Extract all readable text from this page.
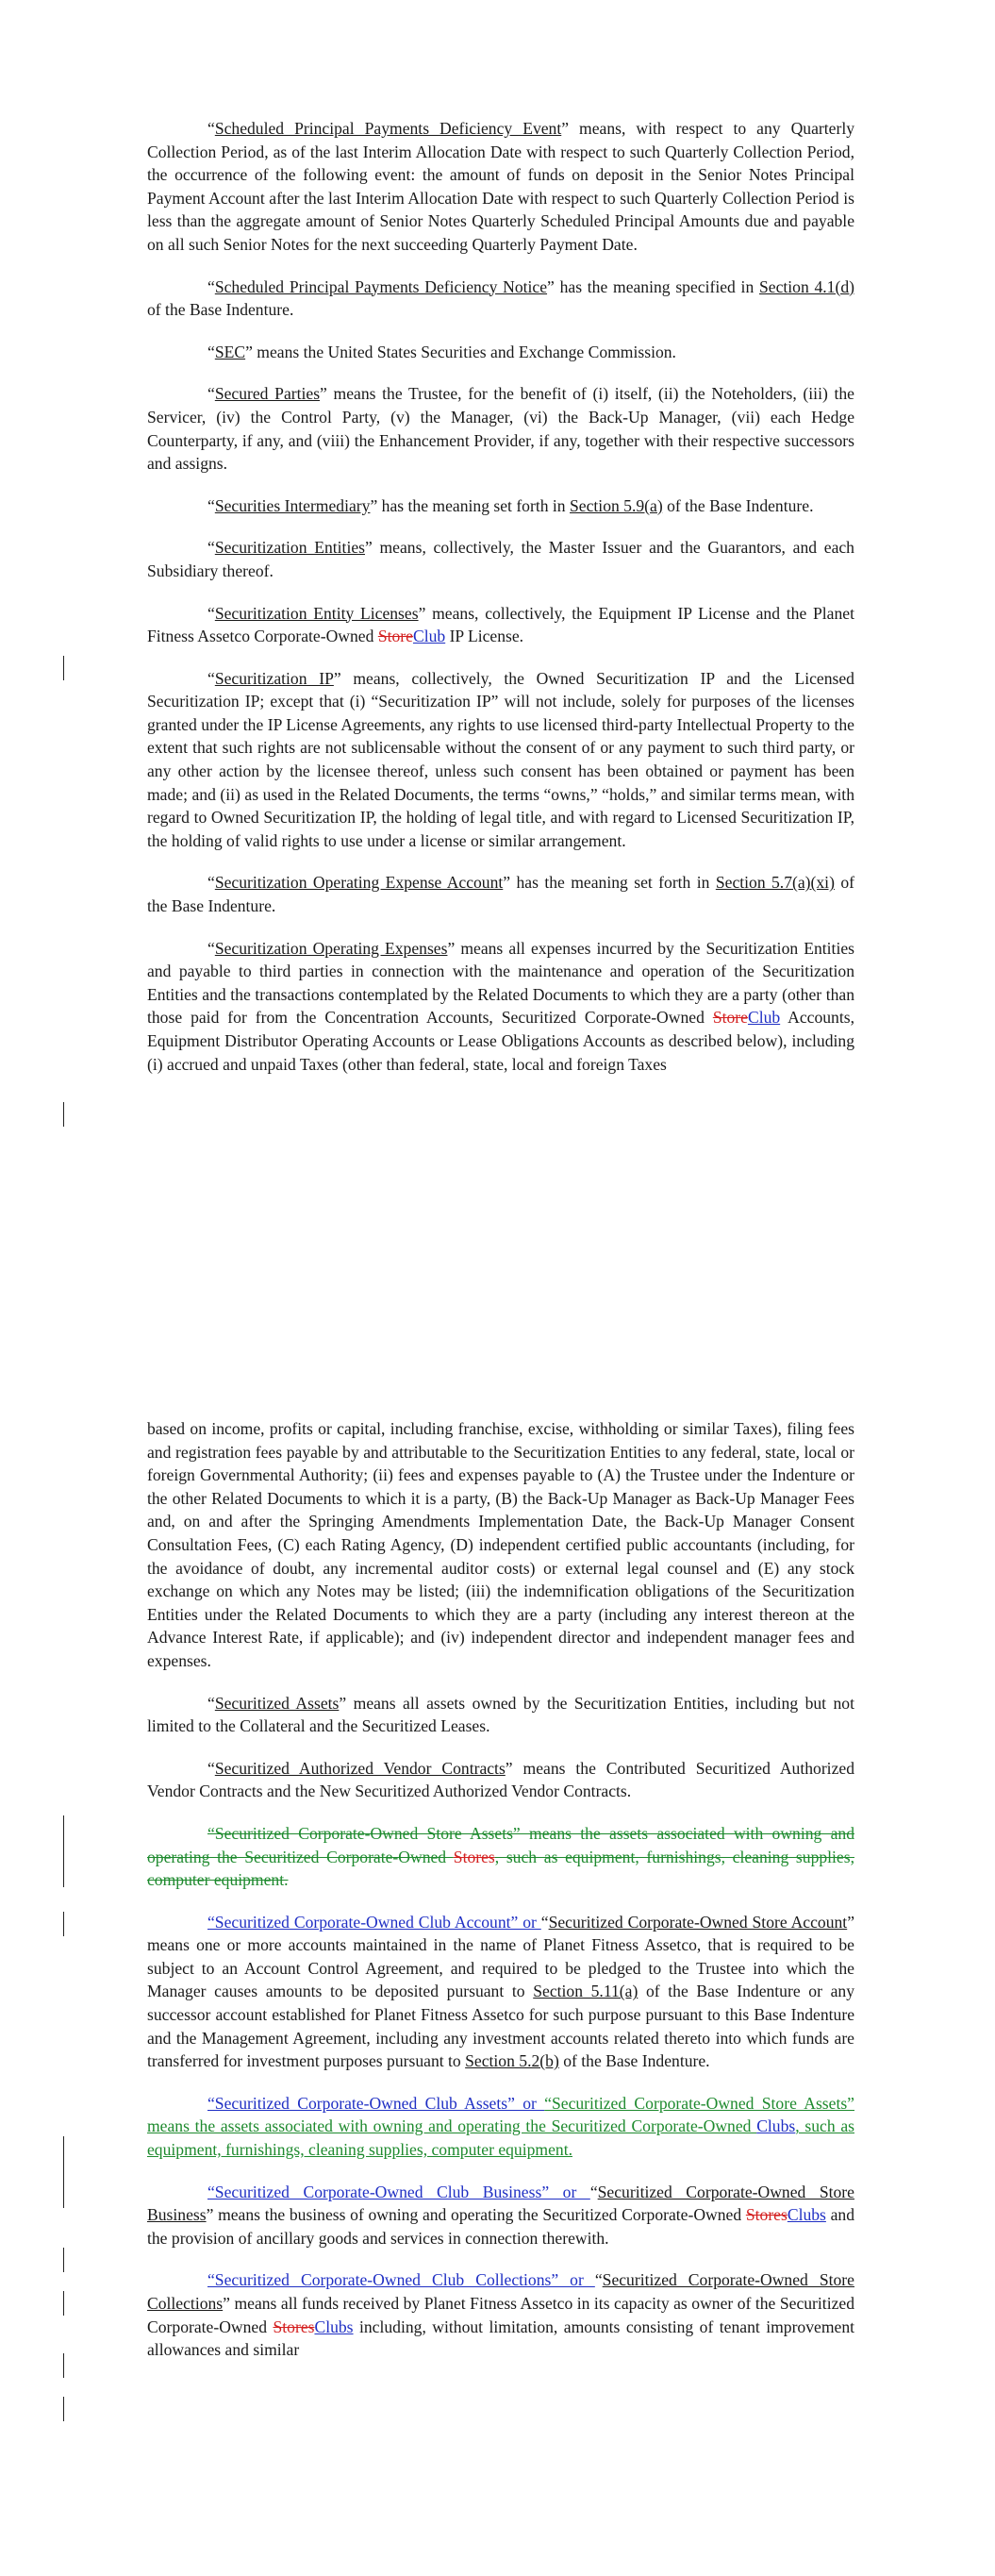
“Scheduled Principal Payments Deficiency Event” means, with respect to any Quarterly Collection Period, as of the last Interim Allocation Date with respect to such Quarterly Collection Period, the occurrence of the following event: the amount of funds on deposit in the Senior Notes Principal Payment Account after the last Interim Allocation Date with respect to such Quarterly Collection Period is less than the aggregate amount of Senior Notes Quarterly Scheduled Principal Amounts due and payable on all such Senior Notes for the next succeeding Quarterly Payment Date.

“Scheduled Principal Payments Deficiency Notice” has the meaning specified in Section 4.1(d) of the Base Indenture.

“SEC” means the United States Securities and Exchange Commission.

“Secured Parties” means the Trustee, for the benefit of (i) itself, (ii) the Noteholders, (iii) the Servicer, (iv) the Control Party, (v) the Manager, (vi) the Back-Up Manager, (vii) each Hedge Counterparty, if any, and (viii) the Enhancement Provider, if any, together with their respective successors and assigns.

“Securities Intermediary” has the meaning set forth in Section 5.9(a) of the Base Indenture.

“Securitization Entities” means, collectively, the Master Issuer and the Guarantors, and each Subsidiary thereof.

“Securitization Entity Licenses” means, collectively, the Equipment IP License and the Planet Fitness Assetco Corporate-Owned StoreClub IP License.

“Securitization IP” means, collectively, the Owned Securitization IP and the Licensed Securitization IP; except that (i) “Securitization IP” will not include, solely for purposes of the licenses granted under the IP License Agreements, any rights to use licensed third-party Intellectual Property to the extent that such rights are not sublicensable without the consent of or any payment to such third party, or any other action by the licensee thereof, unless such consent has been obtained or payment has been made; and (ii) as used in the Related Documents, the terms “owns,” “holds,” and similar terms mean, with regard to Owned Securitization IP, the holding of legal title, and with regard to Licensed Securitization IP, the holding of valid rights to use under a license or similar arrangement.

“Securitization Operating Expense Account” has the meaning set forth in Section 5.7(a)(xi) of the Base Indenture.

“Securitization Operating Expenses” means all expenses incurred by the Securitization Entities and payable to third parties in connection with the maintenance and operation of the Securitization Entities and the transactions contemplated by the Related Documents to which they are a party (other than those paid for from the Concentration Accounts, Securitized Corporate-Owned StoreClub Accounts, Equipment Distributor Operating Accounts or Lease Obligations Accounts as described below), including (i) accrued and unpaid Taxes (other than federal, state, local and foreign Taxes

based on income, profits or capital, including franchise, excise, withholding or similar Taxes), filing fees and registration fees payable by and attributable to the Securitization Entities to any federal, state, local or foreign Governmental Authority; (ii) fees and expenses payable to (A) the Trustee under the Indenture or the other Related Documents to which it is a party, (B) the Back-Up Manager as Back-Up Manager Fees and, on and after the Springing Amendments Implementation Date, the Back-Up Manager Consent Consultation Fees, (C) each Rating Agency, (D) independent certified public accountants (including, for the avoidance of doubt, any incremental auditor costs) or external legal counsel and (E) any stock exchange on which any Notes may be listed; (iii) the indemnification obligations of the Securitization Entities under the Related Documents to which they are a party (including any interest thereon at the Advance Interest Rate, if applicable); and (iv) independent director and independent manager fees and expenses.

“Securitized Assets” means all assets owned by the Securitization Entities, including but not limited to the Collateral and the Securitized Leases.

“Securitized Authorized Vendor Contracts” means the Contributed Securitized Authorized Vendor Contracts and the New Securitized Authorized Vendor Contracts.

“Securitized Corporate-Owned Store Assets” means the assets associated with owning and operating the Securitized Corporate-Owned Stores, such as equipment, furnishings, cleaning supplies, computer equipment.

“Securitized Corporate-Owned Club Account” or “Securitized Corporate-Owned Store Account” means one or more accounts maintained in the name of Planet Fitness Assetco, that is required to be subject to an Account Control Agreement, and required to be pledged to the Trustee into which the Manager causes amounts to be deposited pursuant to Section 5.11(a) of the Base Indenture or any successor account established for Planet Fitness Assetco for such purpose pursuant to this Base Indenture and the Management Agreement, including any investment accounts related thereto into which funds are transferred for investment purposes pursuant to Section 5.2(b) of the Base Indenture.

“Securitized Corporate-Owned Club Assets” or “Securitized Corporate-Owned Store Assets” means the assets associated with owning and operating the Securitized Corporate-Owned Clubs, such as equipment, furnishings, cleaning supplies, computer equipment.

“Securitized Corporate-Owned Club Business” or “Securitized Corporate-Owned Store Business” means the business of owning and operating the Securitized Corporate-Owned StoresClubs and the provision of ancillary goods and services in connection therewith.

“Securitized Corporate-Owned Club Collections” or “Securitized Corporate-Owned Store Collections” means all funds received by Planet Fitness Assetco in its capacity as owner of the Securitized Corporate-Owned StoresClubs including, without limitation, amounts consisting of tenant improvement allowances and similar
